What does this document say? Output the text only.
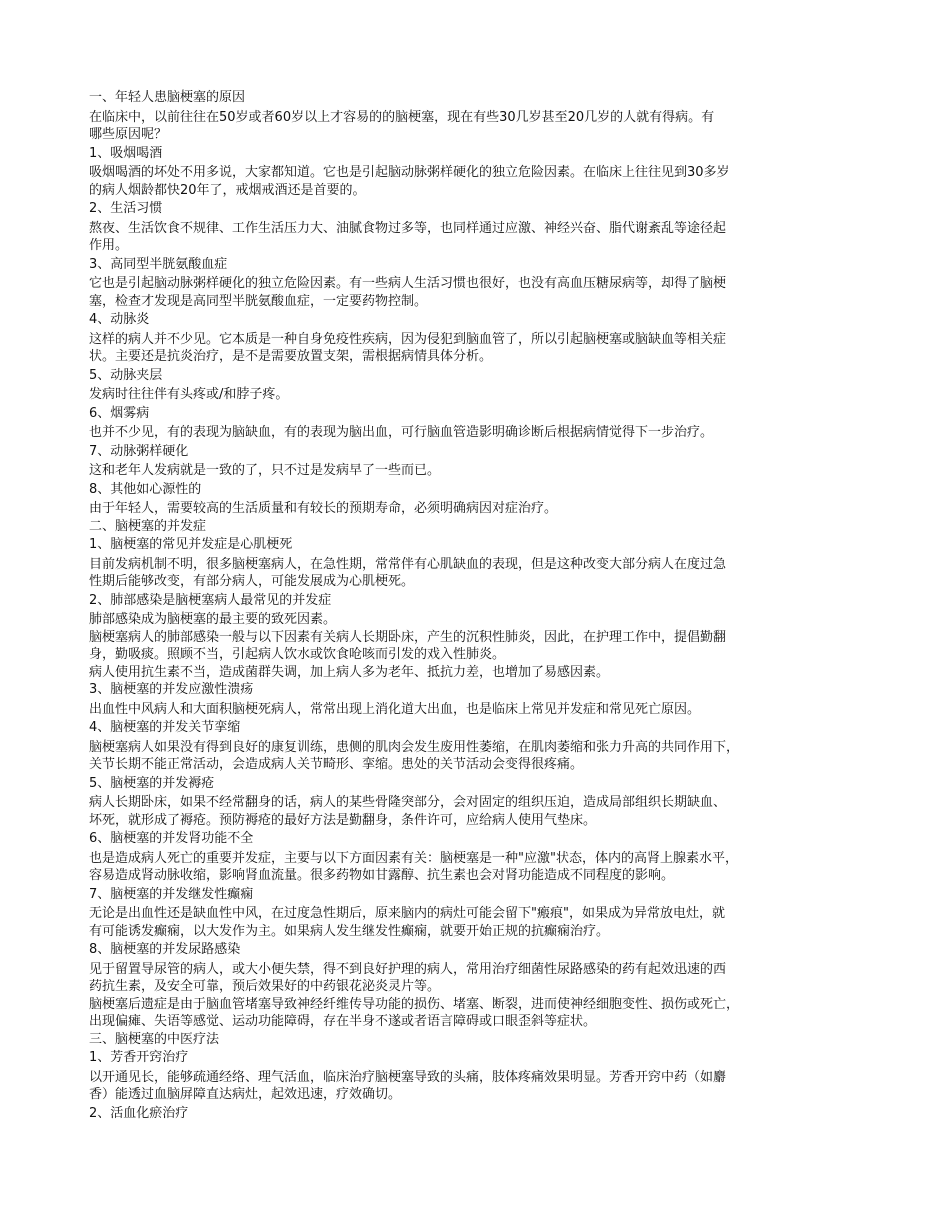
一、年轻人患脑梗塞的原因
在临床中，以前往往在50岁或者60岁以上才容易的的脑梗塞，现在有些30几岁甚至20几岁的人就有得病。有
哪些原因呢？
1、吸烟喝酒
吸烟喝酒的坏处不用多说，大家都知道。它也是引起脑动脉粥样硬化的独立危险因素。在临床上往往见到30多岁
的病人烟龄都快20年了，戒烟戒酒还是首要的。
2、生活习惯
熬夜、生活饮食不规律、工作生活压力大、油腻食物过多等，也同样通过应激、神经兴奋、脂代谢紊乱等途径起
作用。
3、高同型半胱氨酸血症
它也是引起脑动脉粥样硬化的独立危险因素。有一些病人生活习惯也很好，也没有高血压糖尿病等，却得了脑梗
塞，检查才发现是高同型半胱氨酸血症，一定要药物控制。
4、动脉炎
这样的病人并不少见。它本质是一种自身免疫性疾病，因为侵犯到脑血管了，所以引起脑梗塞或脑缺血等相关症
状。主要还是抗炎治疗，是不是需要放置支架，需根据病情具体分析。
5、动脉夹层
发病时往往伴有头疼或/和脖子疼。
6、烟雾病
也并不少见，有的表现为脑缺血，有的表现为脑出血，可行脑血管造影明确诊断后根据病情觉得下一步治疗。
7、动脉粥样硬化
这和老年人发病就是一致的了，只不过是发病早了一些而已。
8、其他如心源性的
由于年轻人，需要较高的生活质量和有较长的预期寿命，必须明确病因对症治疗。
二、脑梗塞的并发症
1、脑梗塞的常见并发症是心肌梗死
目前发病机制不明，很多脑梗塞病人，在急性期，常常伴有心肌缺血的表现，但是这种改变大部分病人在度过急
性期后能够改变，有部分病人，可能发展成为心肌梗死。
2、肺部感染是脑梗塞病人最常见的并发症
肺部感染成为脑梗塞的最主要的致死因素。
脑梗塞病人的肺部感染一般与以下因素有关病人长期卧床，产生的沉积性肺炎，因此，在护理工作中，提倡勤翻
身，勤吸痰。照顾不当，引起病人饮水或饮食呛咳而引发的戏入性肺炎。
病人使用抗生素不当，造成菌群失调，加上病人多为老年、抵抗力差，也增加了易感因素。
3、脑梗塞的并发应激性溃疡
出血性中风病人和大面积脑梗死病人，常常出现上消化道大出血，也是临床上常见并发症和常见死亡原因。
4、脑梗塞的并发关节挛缩
脑梗塞病人如果没有得到良好的康复训练，患侧的肌肉会发生废用性萎缩，在肌肉萎缩和张力升高的共同作用下，
关节长期不能正常活动，会造成病人关节畸形、挛缩。患处的关节活动会变得很疼痛。
5、脑梗塞的并发褥疮
病人长期卧床，如果不经常翻身的话，病人的某些骨隆突部分，会对固定的组织压迫，造成局部组织长期缺血、
坏死，就形成了褥疮。预防褥疮的最好方法是勤翻身，条件许可，应给病人使用气垫床。
6、脑梗塞的并发肾功能不全
也是造成病人死亡的重要并发症，主要与以下方面因素有关：脑梗塞是一种"应激"状态，体内的高肾上腺素水平，
容易造成肾动脉收缩，影响肾血流量。很多药物如甘露醇、抗生素也会对肾功能造成不同程度的影响。
7、脑梗塞的并发继发性癫痫
无论是出血性还是缺血性中风，在过度急性期后，原来脑内的病灶可能会留下"瘢痕"，如果成为异常放电灶，就
有可能诱发癫痫，以大发作为主。如果病人发生继发性癫痫，就要开始正规的抗癫痫治疗。
8、脑梗塞的并发尿路感染
见于留置导尿管的病人，或大小便失禁，得不到良好护理的病人，常用治疗细菌性尿路感染的药有起效迅速的西
药抗生素，及安全可靠，预后效果好的中药银花泌炎灵片等。
脑梗塞后遗症是由于脑血管堵塞导致神经纤维传导功能的损伤、堵塞、断裂，进而使神经细胞变性、损伤或死亡，
出现偏瘫、失语等感觉、运动功能障碍，存在半身不遂或者语言障碍或口眼歪斜等症状。
三、脑梗塞的中医疗法
1、芳香开窍治疗
以开通见长，能够疏通经络、理气活血，临床治疗脑梗塞导致的头痛，肢体疼痛效果明显。芳香开窍中药（如麝
香）能透过血脑屏障直达病灶，起效迅速，疗效确切。
2、活血化瘀治疗
